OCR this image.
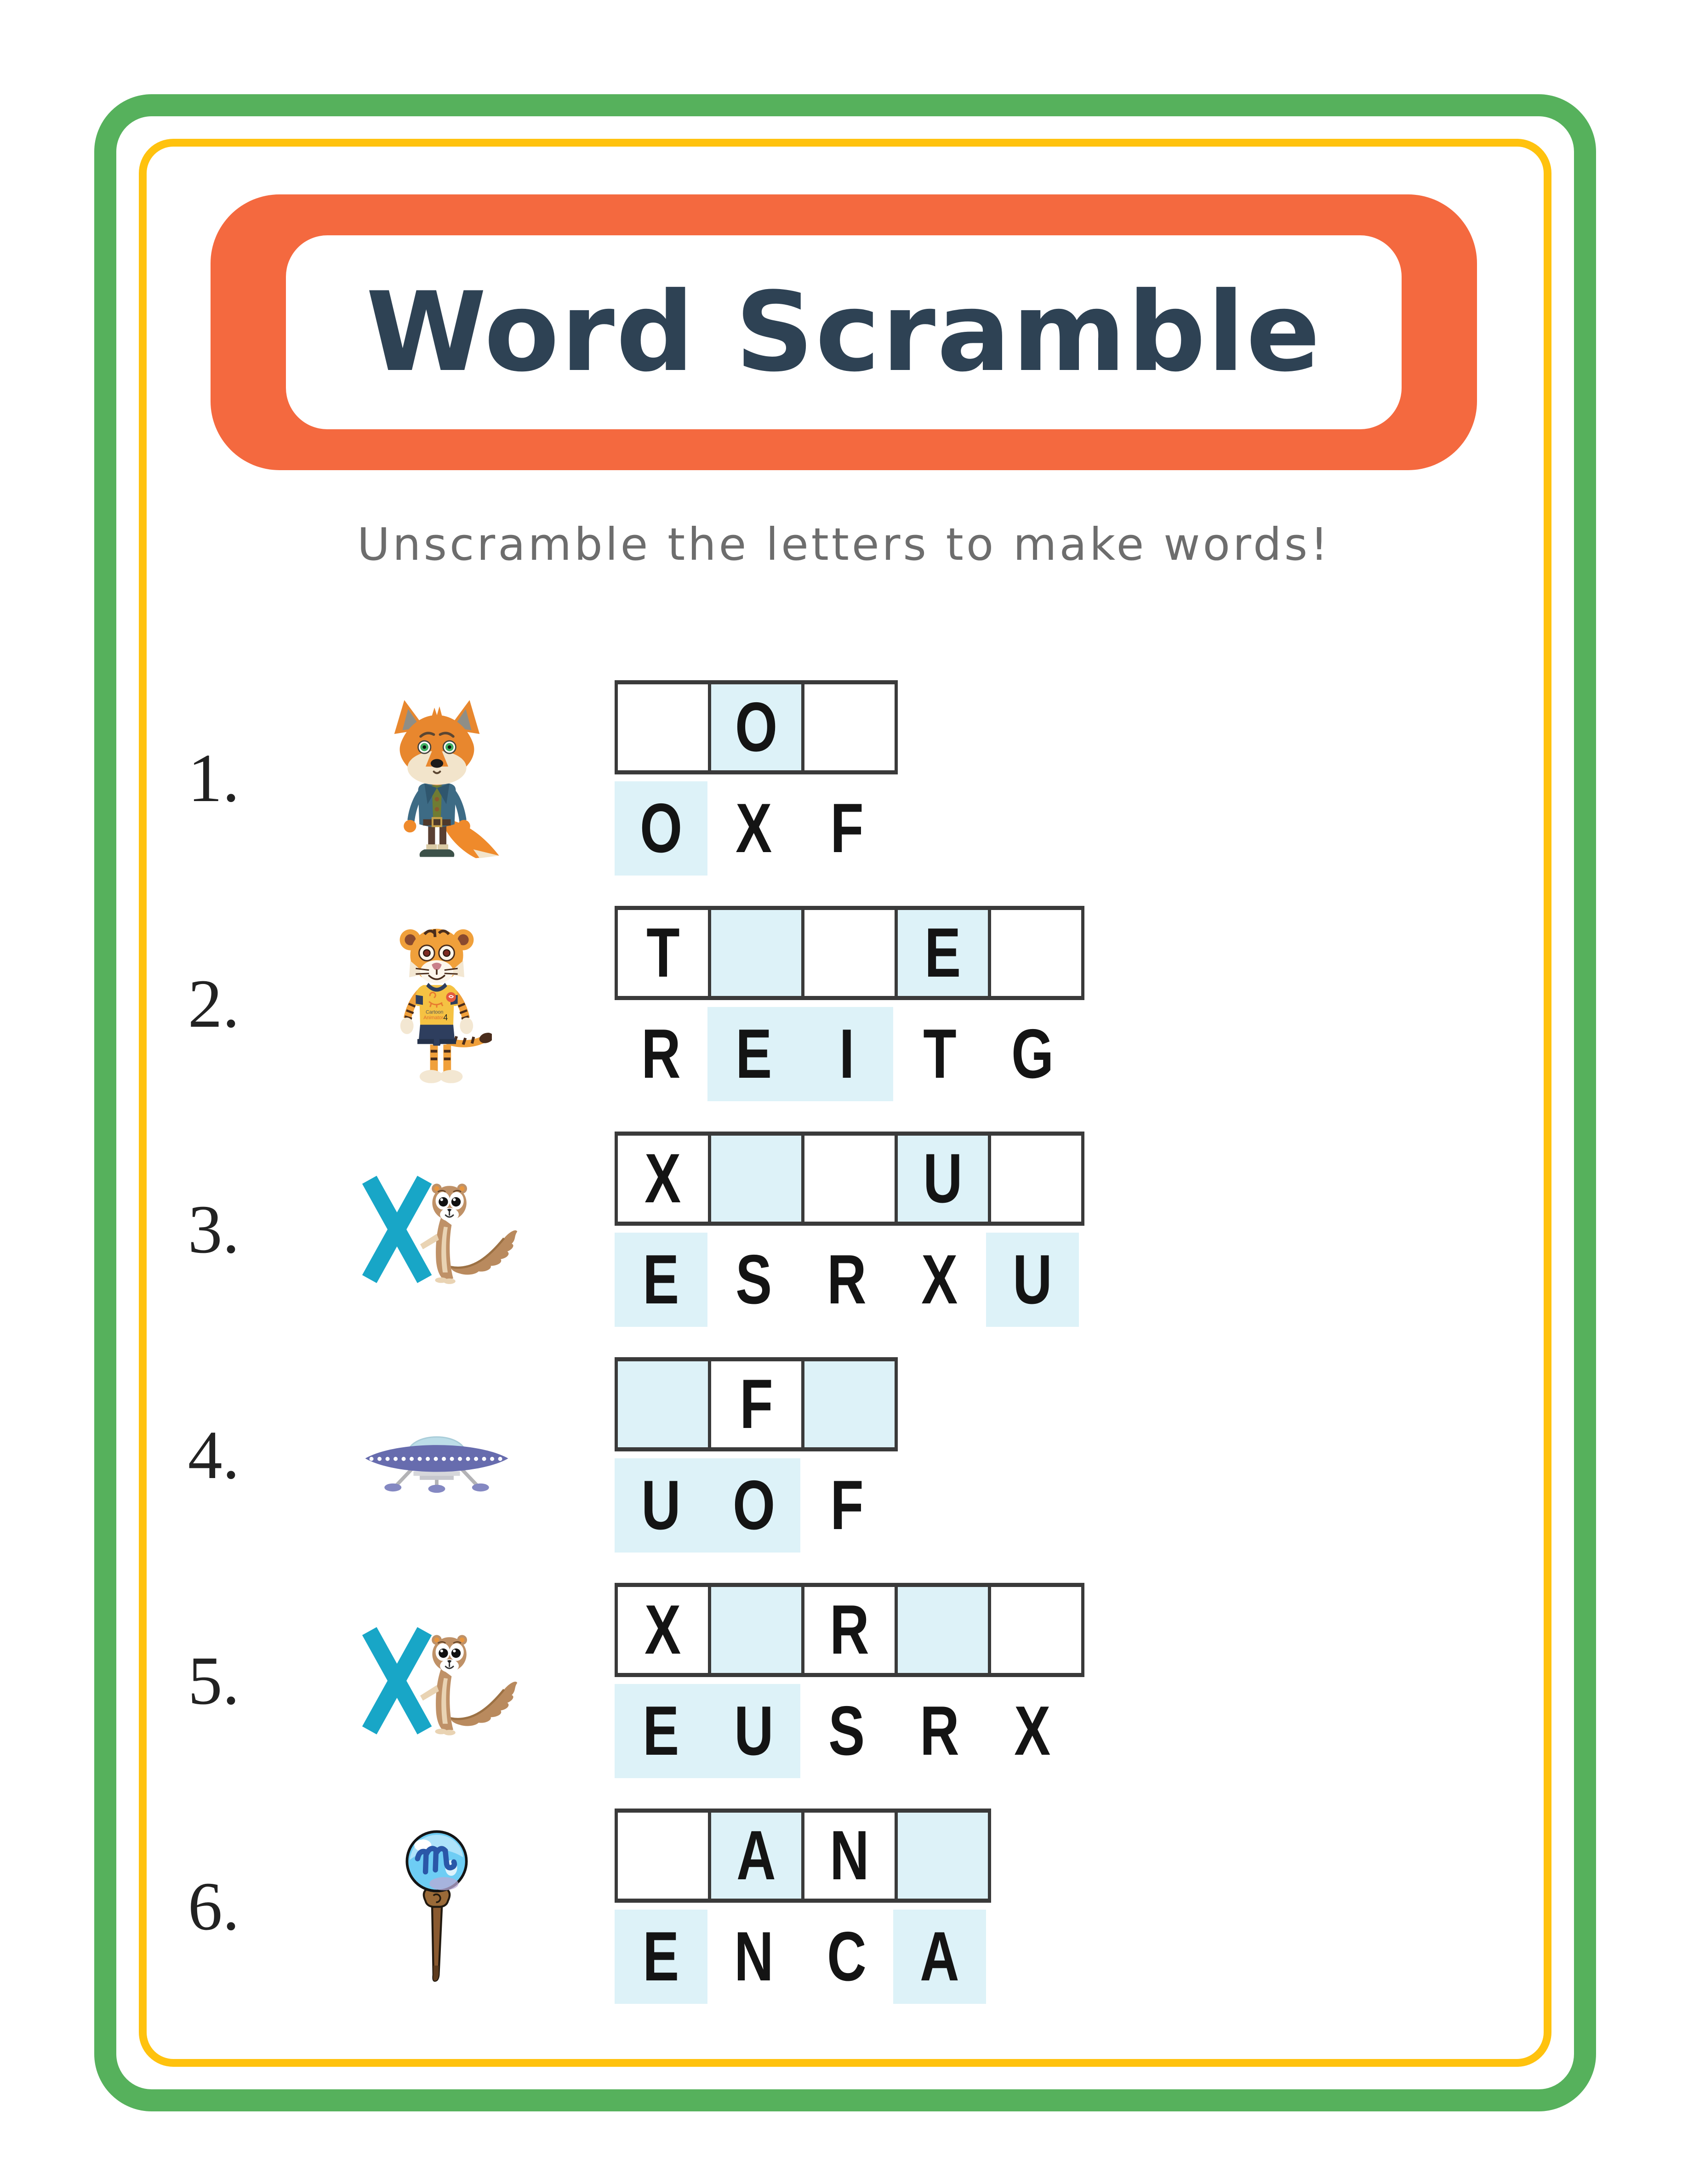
Word Scramble
Unscramble the letters to make words!
1.
O
O X F
2.	Cartoon
Animator 4
T	E
R E I T G
3.
X	U
E S R X U
4.
F
U O F
5.
X R
E U S R X
6.
A N
E N C A
